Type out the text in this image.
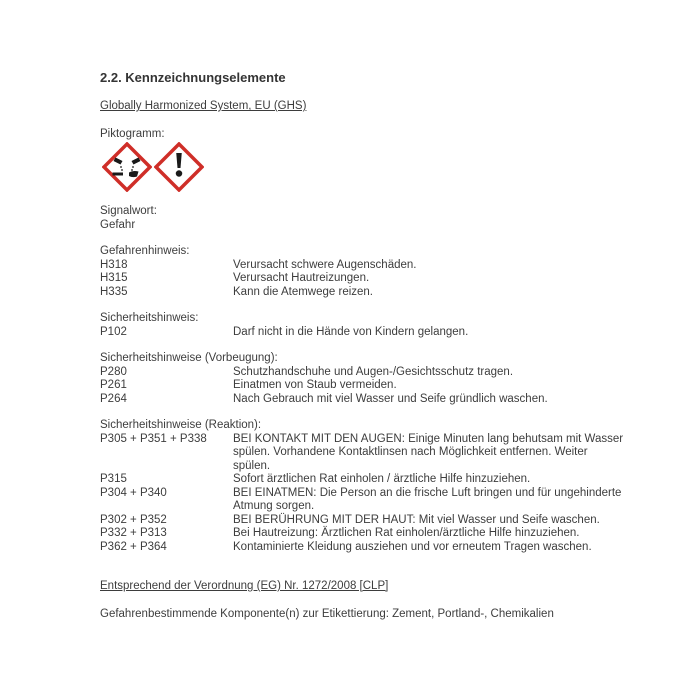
2.2. Kennzeichnungselemente
Globally Harmonized System, EU (GHS)
Piktogramm:
Signalwort:
Gefahr
Gefahrenhinweis:
H318	Verursacht schwere Augenschäden.
H315	Verursacht Hautreizungen.
H335	Kann die Atemwege reizen.
Sicherheitshinweis:
P102	Darf nicht in die Hände von Kindern gelangen.
Sicherheitshinweise (Vorbeugung):
P280	Schutzhandschuhe und Augen-/Gesichtsschutz tragen.
P261	Einatmen von Staub vermeiden.
P264	Nach Gebrauch mit viel Wasser und Seife gründlich waschen.
Sicherheitshinweise (Reaktion):
P305 + P351 + P338	BEI KONTAKT MIT DEN AUGEN: Einige Minuten lang behutsam mit Wasser spülen. Vorhandene Kontaktlinsen nach Möglichkeit entfernen. Weiter spülen.
P315	Sofort ärztlichen Rat einholen / ärztliche Hilfe hinzuziehen.
P304 + P340	BEI EINATMEN: Die Person an die frische Luft bringen und für ungehinderte Atmung sorgen.
P302 + P352	BEI BERÜHRUNG MIT DER HAUT: Mit viel Wasser und Seife waschen.
P332 + P313	Bei Hautreizung: Ärztlichen Rat einholen/ärztliche Hilfe hinzuziehen.
P362 + P364	Kontaminierte Kleidung ausziehen und vor erneutem Tragen waschen.
Entsprechend der Verordnung (EG) Nr. 1272/2008 [CLP]
Gefahrenbestimmende Komponente(n) zur Etikettierung: Zement, Portland-, Chemikalien
